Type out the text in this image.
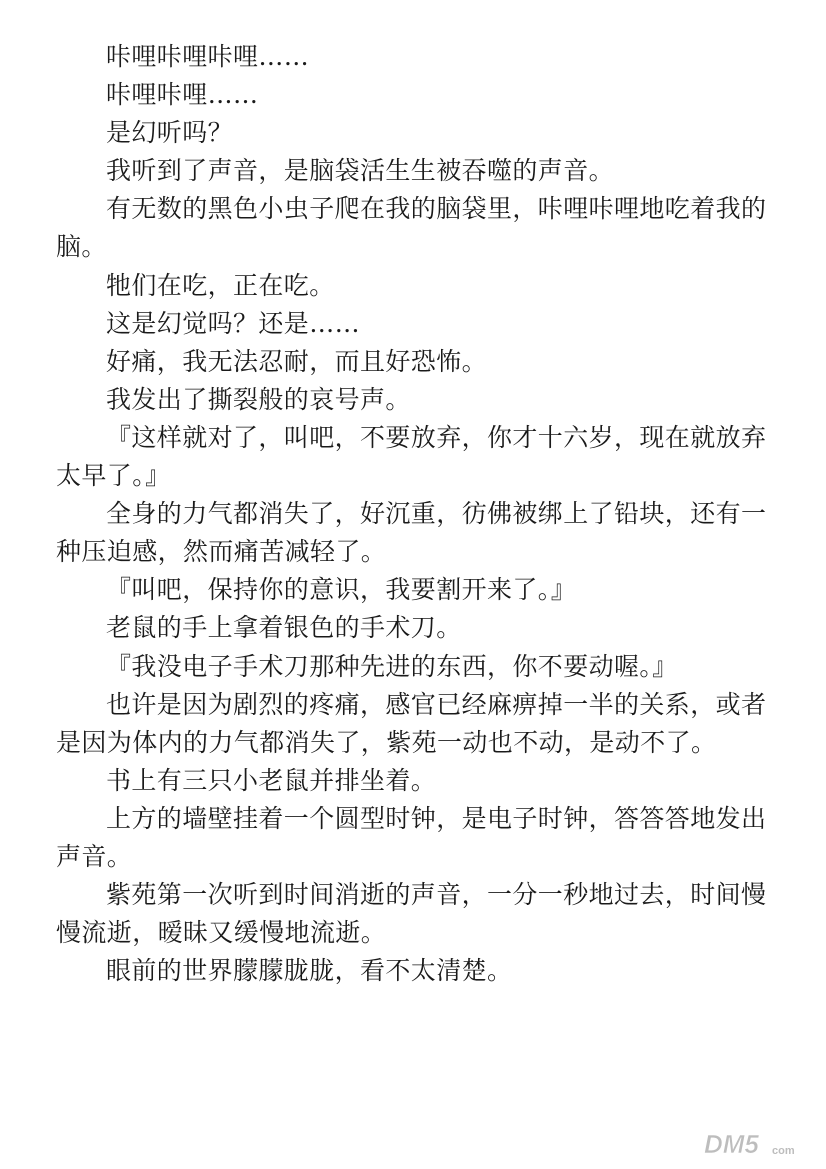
咔哩咔哩咔哩……

咔哩咔哩……

是幻听吗？

我听到了声音，是脑袋活生生被吞噬的声音。

有无数的黑色小虫子爬在我的脑袋里，咔哩咔哩地吃着我的脑。

牠们在吃，正在吃。

这是幻觉吗？还是……

好痛，我无法忍耐，而且好恐怖。

我发出了撕裂般的哀号声。

『这样就对了，叫吧，不要放弃，你才十六岁，现在就放弃太早了。』

全身的力气都消失了，好沉重，彷佛被绑上了铅块，还有一种压迫感，然而痛苦减轻了。

『叫吧，保持你的意识，我要割开来了。』

老鼠的手上拿着银色的手术刀。

『我没电子手术刀那种先进的东西，你不要动喔。』

也许是因为剧烈的疼痛，感官已经麻痹掉一半的关系，或者是因为体内的力气都消失了，紫苑一动也不动，是动不了。

书上有三只小老鼠并排坐着。

上方的墙壁挂着一个圆型时钟，是电子时钟，答答答地发出声音。

紫苑第一次听到时间消逝的声音，一分一秒地过去，时间慢慢流逝，暧昧又缓慢地流逝。

眼前的世界朦朦胧胧，看不太清楚。

DM5 com
